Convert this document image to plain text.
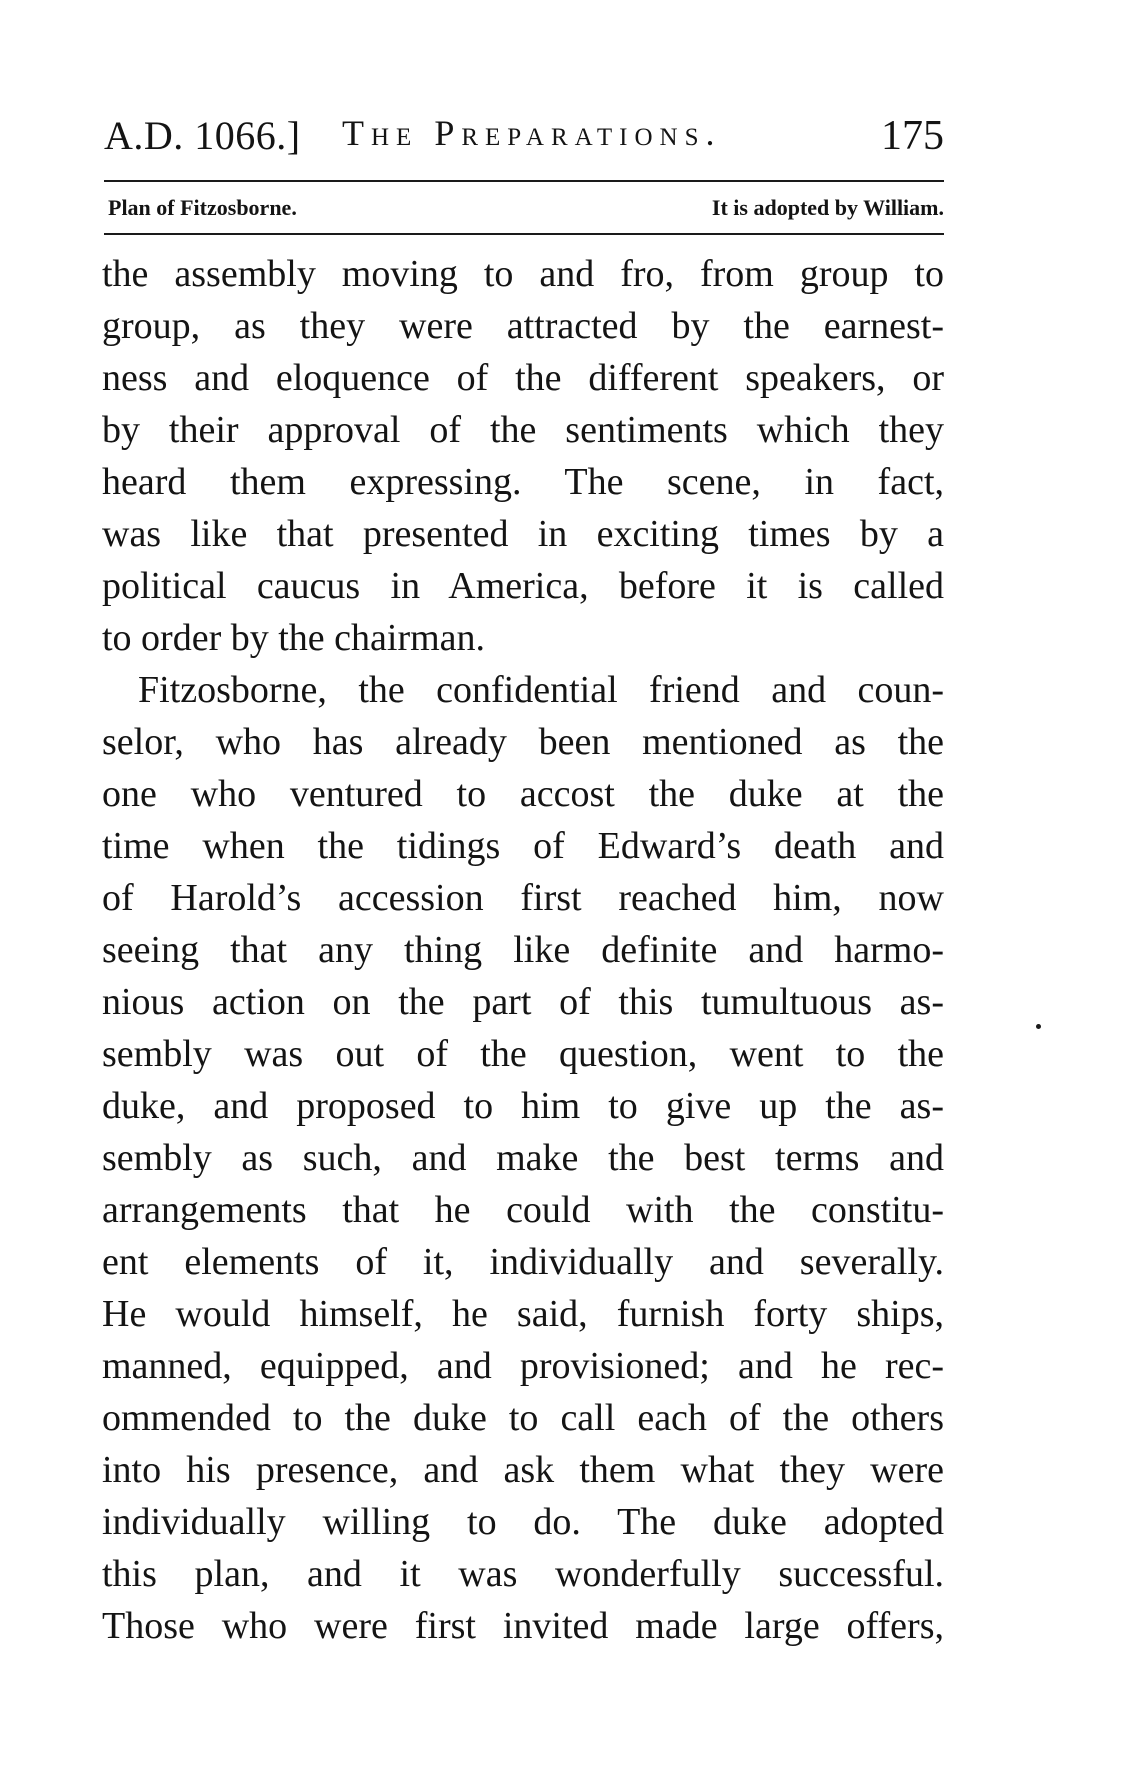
A.D. 1066.] The Preparations.	175
Plan of Fitzosborne.	It is adopted by William.
the assembly moving to and fro, from group to
group, as they were attracted by the earnest-
ness and eloquence of the different speakers, or
by their approval of the sentiments which they
heard them expressing. The scene, in fact,
was like that presented in exciting times by a
political caucus in America, before it is called
to order by the chairman.
Fitzosborne, the confidential friend and coun-
selor, who has already been mentioned as the
one who ventured to accost the duke at the
time when the tidings of Edward’s death and
of Harold’s accession first reached him, now
seeing that any thing like definite and harmo-
nious action on the part of this tumultuous as-
sembly was out of the question, went to the
duke, and proposed to him to give up the as-
sembly as such, and make the best terms and
arrangements that he could with the constitu-
ent elements of it, individually and severally.
He would himself, he said, furnish forty ships,
manned, equipped, and provisioned; and he rec-
ommended to the duke to call each of the others
into his presence, and ask them what they were
individually willing to do. The duke adopted
this plan, and it was wonderfully successful.
Those who were first invited made large offers,
